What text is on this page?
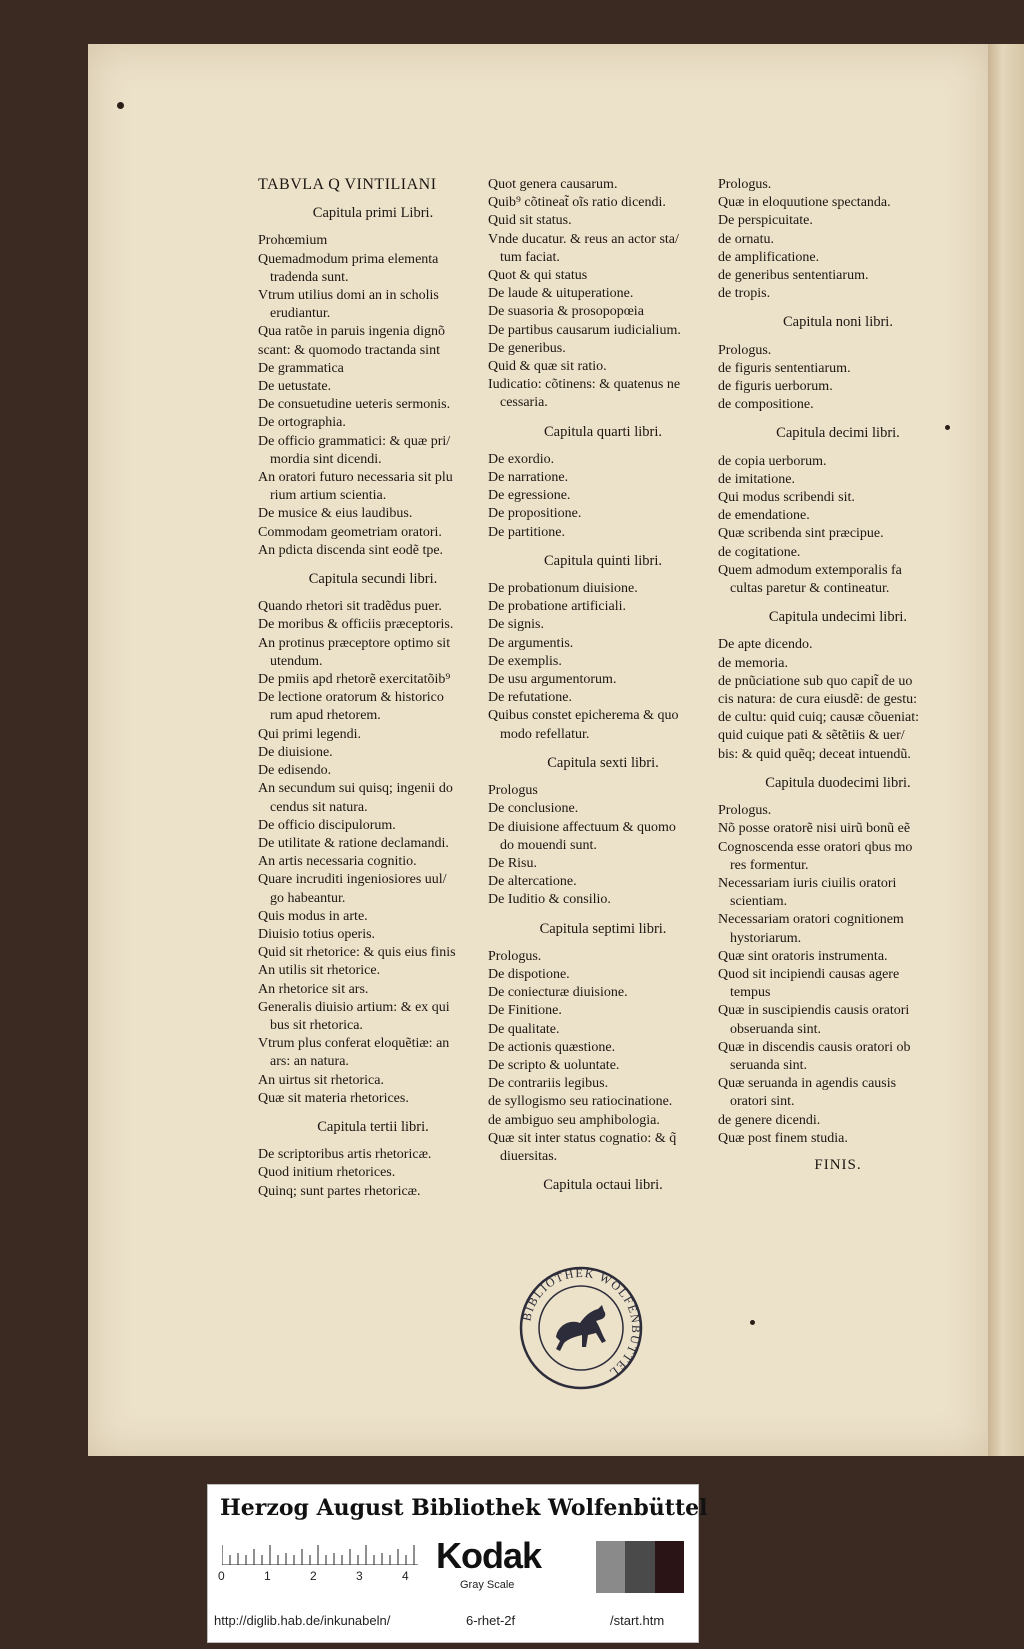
TABVLA Q VINTILIANI
Capitula primi Libri.
Prohœmium
Quemadmodum prima elementa
tradenda sunt.
Vtrum utilius domi an in scholis
erudiantur.
Qua ratõe in paruis ingenia dignõ
scant: & quomodo tractanda sint
De grammatica
De uetustate.
De consuetudine ueteris sermonis.
De ortographia.
De officio grammatici: & quæ pri/
mordia sint dicendi.
An oratori futuro necessaria sit plu
rium artium scientia.
De musice & eius laudibus.
Commodam geometriam oratori.
An pdicta discenda sint eodẽ tpe.
Capitula secundi libri.
Quando rhetori sit tradẽdus puer.
De moribus & officiis præceptoris.
An protinus præceptore optimo sit
utendum.
De pmiis apd rhetorẽ exercitatõib⁹
De lectione oratorum & historico
rum apud rhetorem.
Qui primi legendi.
De diuisione.
De edisendo.
An secundum sui quisq; ingenii do
cendus sit natura.
De officio discipulorum.
De utilitate & ratione declamandi.
An artis necessaria cognitio.
Quare incruditi ingeniosiores uul/
go habeantur.
Quis modus in arte.
Diuisio totius operis.
Quid sit rhetorice: & quis eius finis
An utilis sit rhetorice.
An rhetorice sit ars.
Generalis diuisio artium: & ex qui
bus sit rhetorica.
Vtrum plus conferat eloquẽtiæ: an
ars: an natura.
An uirtus sit rhetorica.
Quæ sit materia rhetorices.
Capitula tertii libri.
De scriptoribus artis rhetoricæ.
Quod initium rhetorices.
Quinq; sunt partes rhetoricæ.
Quot genera causarum.
Quib⁹ cõtineat̃ oĩs ratio dicendi.
Quid sit status.
Vnde ducatur. & reus an actor sta/
tum faciat.
Quot & qui status
De laude & uituperatione.
De suasoria & prosopopœia
De partibus causarum iudicialium.
De generibus.
Quid & quæ sit ratio.
Iudicatio: cõtinens: & quatenus ne
cessaria.
Capitula quarti libri.
De exordio.
De narratione.
De egressione.
De propositione.
De partitione.
Capitula quinti libri.
De probationum diuisione.
De probatione artificiali.
De signis.
De argumentis.
De exemplis.
De usu argumentorum.
De refutatione.
Quibus constet epicherema & quo
modo refellatur.
Capitula sexti libri.
Prologus
De conclusione.
De diuisione affectuum & quomo
do mouendi sunt.
De Risu.
De altercatione.
De Iuditio & consilio.
Capitula septimi libri.
Prologus.
De dispotione.
De coniecturæ diuisione.
De Finitione.
De qualitate.
De actionis quæstione.
De scripto & uoluntate.
De contrariis legibus.
de syllogismo seu ratiocinatione.
de ambiguo seu amphibologia.
Quæ sit inter status cognatio: & q̃
diuersitas.
Capitula octaui libri.
Prologus.
Quæ in eloquutione spectanda.
De perspicuitate.
de ornatu.
de amplificatione.
de generibus sententiarum.
de tropis.
Capitula noni libri.
Prologus.
de figuris sententiarum.
de figuris uerborum.
de compositione.
Capitula decimi libri.
de copia uerborum.
de imitatione.
Qui modus scribendi sit.
de emendatione.
Quæ scribenda sint præcipue.
de cogitatione.
Quem admodum extemporalis fa
cultas paretur & contineatur.
Capitula undecimi libri.
De apte dicendo.
de memoria.
de pnũciatione sub quo capit̃ de uo
cis natura: de cura eiusdẽ: de gestu:
de cultu: quid cuiq; causæ cõueniat:
quid cuique pati & sẽtẽtiis & uer/
bis: & quid quẽq; deceat intuendũ.
Capitula duodecimi libri.
Prologus.
Nõ posse oratorẽ nisi uirũ bonũ eẽ
Cognoscenda esse oratori qbus mo
res formentur.
Necessariam iuris ciuilis oratori
scientiam.
Necessariam oratori cognitionem
hystoriarum.
Quæ sint oratoris instrumenta.
Quod sit incipiendi causas agere
tempus
Quæ in suscipiendis causis oratori
obseruanda sint.
Quæ in discendis causis oratori ob
seruanda sint.
Quæ seruanda in agendis causis
oratori sint.
de genere dicendi.
Quæ post finem studia.
FINIS.
BIBLIOTHEK WOLFENBÜTTEL
Herzog August Bibliothek Wolfenbüttel
0	1	2	3	4 Kodak
Gray Scale
http://diglib.hab.de/inkunabeln/	6-rhet-2f	/start.htm
